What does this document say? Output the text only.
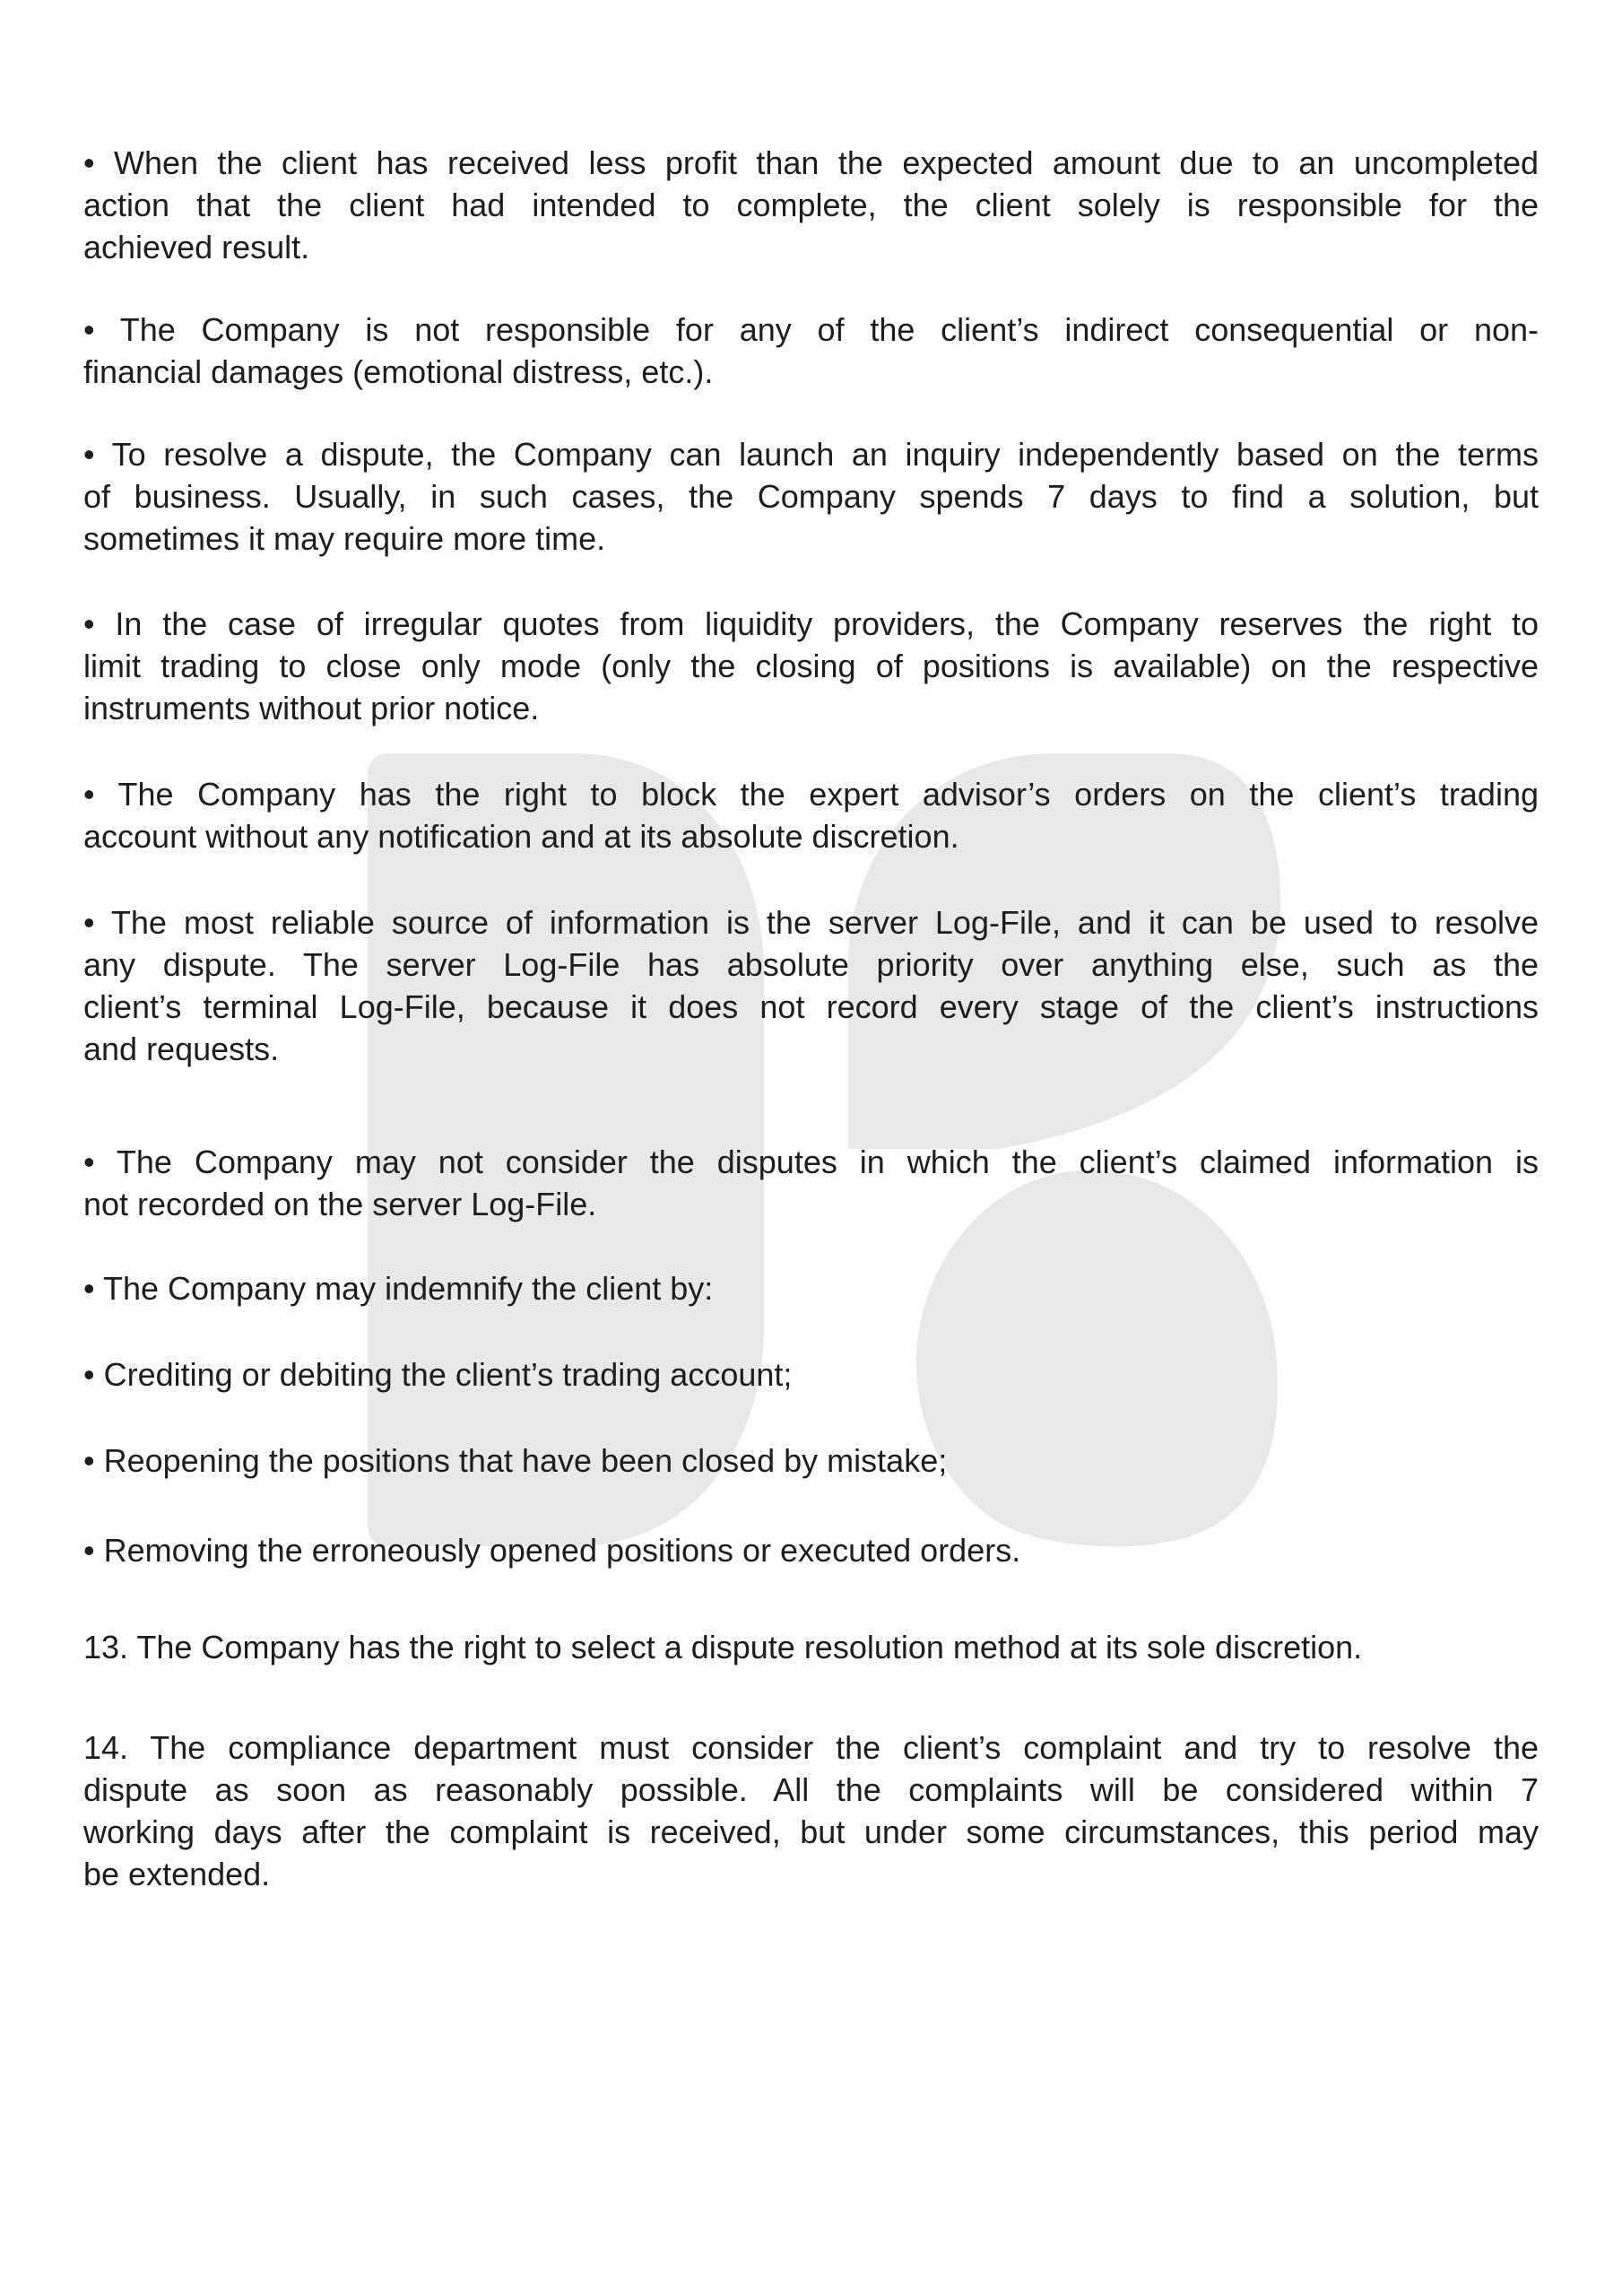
• When the client has received less profit than the expected amount due to an uncompleted
action that the client had intended to complete, the client solely is responsible for the
achieved result.
• The Company is not responsible for any of the client’s indirect consequential or non-
financial damages (emotional distress, etc.).
• To resolve a dispute, the Company can launch an inquiry independently based on the terms
of business. Usually, in such cases, the Company spends 7 days to find a solution, but
sometimes it may require more time.
• In the case of irregular quotes from liquidity providers, the Company reserves the right to
limit trading to close only mode (only the closing of positions is available) on the respective
instruments without prior notice.
• The Company has the right to block the expert advisor’s orders on the client’s trading
account without any notification and at its absolute discretion.
• The most reliable source of information is the server Log-File, and it can be used to resolve
any dispute. The server Log-File has absolute priority over anything else, such as the
client’s terminal Log-File, because it does not record every stage of the client’s instructions
and requests.
• The Company may not consider the disputes in which the client’s claimed information is
not recorded on the server Log-File.
• The Company may indemnify the client by:
• Crediting or debiting the client’s trading account;
• Reopening the positions that have been closed by mistake;
• Removing the erroneously opened positions or executed orders.
13. The Company has the right to select a dispute resolution method at its sole discretion.
14. The compliance department must consider the client’s complaint and try to resolve the
dispute as soon as reasonably possible. All the complaints will be considered within 7
working days after the complaint is received, but under some circumstances, this period may
be extended.
